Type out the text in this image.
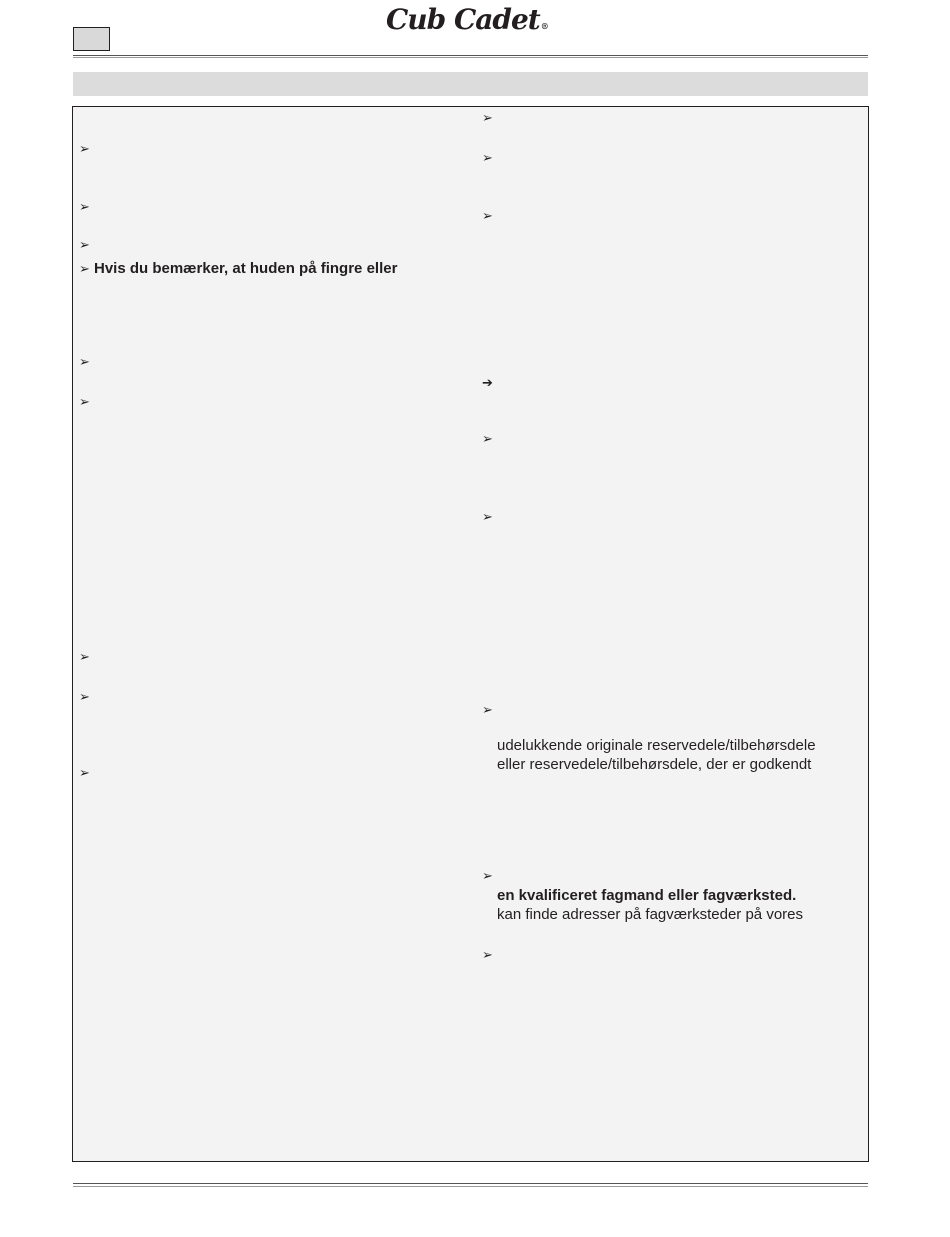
Cub Cadet®
➢
➢
➢
➢ Hvis du bemærker, at huden på fingre eller
➢
➢
➢
➢
➢
➢
➢
➢
➔
➢
➢
➢
udelukkende originale reservedele/tilbehørsdele
eller reservedele/tilbehørsdele, der er godkendt
➢
en kvalificeret fagmand eller fagværksted.
kan finde adresser på fagværksteder på vores
➢
